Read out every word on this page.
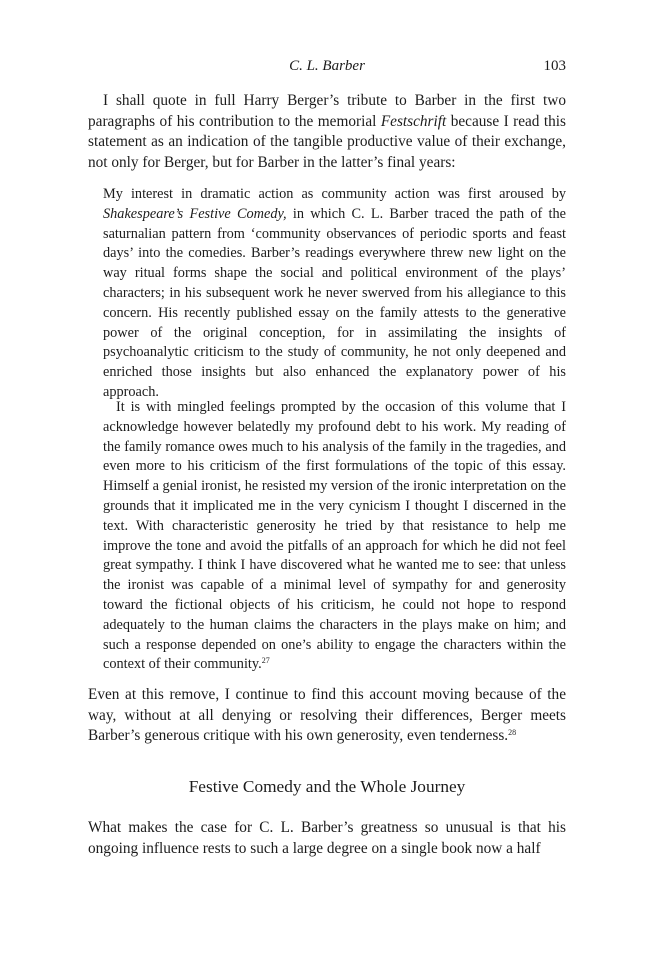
C. L. Barber	103

I shall quote in full Harry Berger’s tribute to Barber in the first two paragraphs of his contribution to the memorial Festschrift because I read this statement as an indication of the tangible productive value of their exchange, not only for Berger, but for Barber in the latter’s final years:

My interest in dramatic action as community action was first aroused by Shakespeare’s Festive Comedy, in which C. L. Barber traced the path of the saturnalian pattern from ‘community observances of periodic sports and feast days’ into the comedies. Barber’s readings everywhere threw new light on the way ritual forms shape the social and political environment of the plays’ characters; in his subsequent work he never swerved from his allegiance to this concern. His recently published essay on the family attests to the generative power of the original conception, for in assimilating the insights of psychoanalytic criticism to the study of community, he not only deepened and enriched those insights but also enhanced the explanatory power of his approach.

It is with mingled feelings prompted by the occasion of this volume that I acknowledge however belatedly my profound debt to his work. My reading of the family romance owes much to his analysis of the family in the tragedies, and even more to his criticism of the first formulations of the topic of this essay. Himself a genial ironist, he resisted my version of the ironic interpretation on the grounds that it implicated me in the very cynicism I thought I discerned in the text. With characteristic generosity he tried by that resistance to help me improve the tone and avoid the pitfalls of an approach for which he did not feel great sympathy. I think I have discovered what he wanted me to see: that unless the ironist was capable of a minimal level of sympathy for and generosity toward the fictional objects of his criticism, he could not hope to respond adequately to the human claims the characters in the plays make on him; and such a response depended on one’s ability to engage the characters within the context of their community.$^{27}$

Even at this remove, I continue to find this account moving because of the way, without at all denying or resolving their differences, Berger meets Barber’s generous critique with his own generosity, even tenderness.$^{28}$

Festive Comedy and the Whole Journey

What makes the case for C. L. Barber’s greatness so unusual is that his ongoing influence rests to such a large degree on a single book now a half
